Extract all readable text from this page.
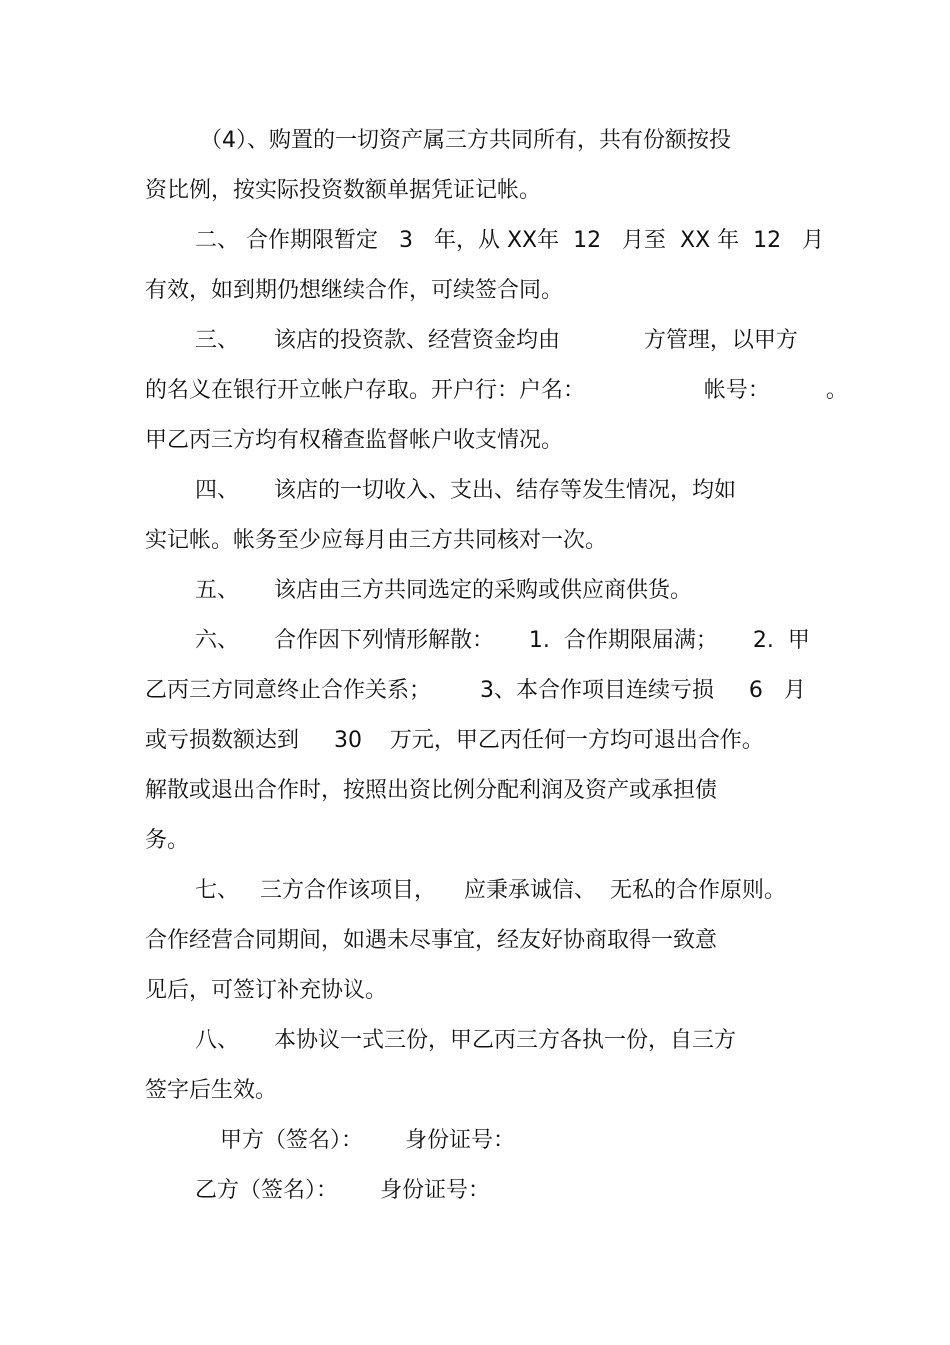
（4）、购置的一切资产属三方共同所有，共有份额按投
资比例，按实际投资数额单据凭证记帐。
二、 合作期限暂定   3   年，从 XX年  12   月至  XX 年  12   月
有效，如到期仍想继续合作，可续签合同。
三、     该店的投资款、经营资金均由            方管理，以甲方
的名义在银行开立帐户存取。开户行：户名：                 帐号：        。
甲乙丙三方均有权稽查监督帐户收支情况。
四、     该店的一切收入、支出、结存等发生情况，均如
实记帐。帐务至少应每月由三方共同核对一次。
五、     该店由三方共同选定的采购或供应商供货。
六、     合作因下列情形解散：     1.  合作期限届满；     2.  甲
乙丙三方同意终止合作关系；       3、本合作项目连续亏损     6   月
或亏损数额达到     30    万元，甲乙丙任何一方均可退出合作。
解散或退出合作时，按照出资比例分配利润及资产或承担债
务。
七、   三方合作该项目，    应秉承诚信、  无私的合作原则。
合作经营合同期间，如遇未尽事宜，经友好协商取得一致意
见后，可签订补充协议。
八、     本协议一式三份，甲乙丙三方各执一份，自三方
签字后生效。
甲方（签名）：      身份证号：
乙方（签名）：      身份证号：
